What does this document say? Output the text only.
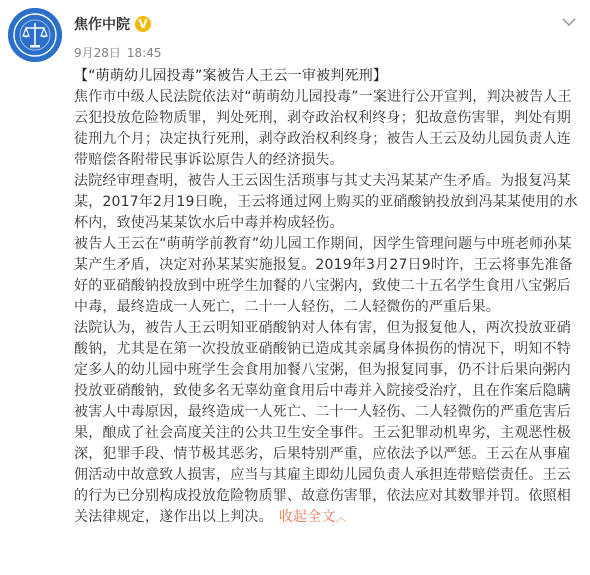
焦作中院 V
9月28日 18:45

【“萌萌幼儿园投毒”案被告人王云一审被判死刑】

焦作市中级人民法院依法对“萌萌幼儿园投毒”一案进行公开宣判，判决被告人王云犯投放危险物质罪，判处死刑，剥夺政治权利终身；犯故意伤害罪，判处有期徒刑九个月；决定执行死刑，剥夺政治权利终身；被告人王云及幼儿园负责人连带赔偿各附带民事诉讼原告人的经济损失。

法院经审理查明，被告人王云因生活琐事与其丈夫冯某某产生矛盾。为报复冯某某，2017年2月19日晚，王云将通过网上购买的亚硝酸钠投放到冯某某使用的水杯内，致使冯某某饮水后中毒并构成轻伤。

被告人王云在“萌萌学前教育”幼儿园工作期间，因学生管理问题与中班老师孙某某产生矛盾，决定对孙某某实施报复。2019年3月27日9时许，王云将事先准备好的亚硝酸钠投放到中班学生加餐的八宝粥内，致使二十五名学生食用八宝粥后中毒，最终造成一人死亡，二十一人轻伤，二人轻微伤的严重后果。

法院认为，被告人王云明知亚硝酸钠对人体有害，但为报复他人，两次投放亚硝酸钠，尤其是在第一次投放亚硝酸钠已造成其亲属身体损伤的情况下，明知不特定多人的幼儿园中班学生会食用加餐八宝粥，但为报复同事，仍不计后果向粥内投放亚硝酸钠，致使多名无辜幼童食用后中毒并入院接受治疗，且在作案后隐瞒被害人中毒原因，最终造成一人死亡、二十一人轻伤、二人轻微伤的严重危害后果，酿成了社会高度关注的公共卫生安全事件。王云犯罪动机卑劣，主观恶性极深，犯罪手段、情节极其恶劣，后果特别严重，应依法予以严惩。王云在从事雇佣活动中故意致人损害，应当与其雇主即幼儿园负责人承担连带赔偿责任。王云的行为已分别构成投放危险物质罪、故意伤害罪，依法应对其数罪并罚。依照相关法律规定，遂作出以上判决。 收起全文︿
